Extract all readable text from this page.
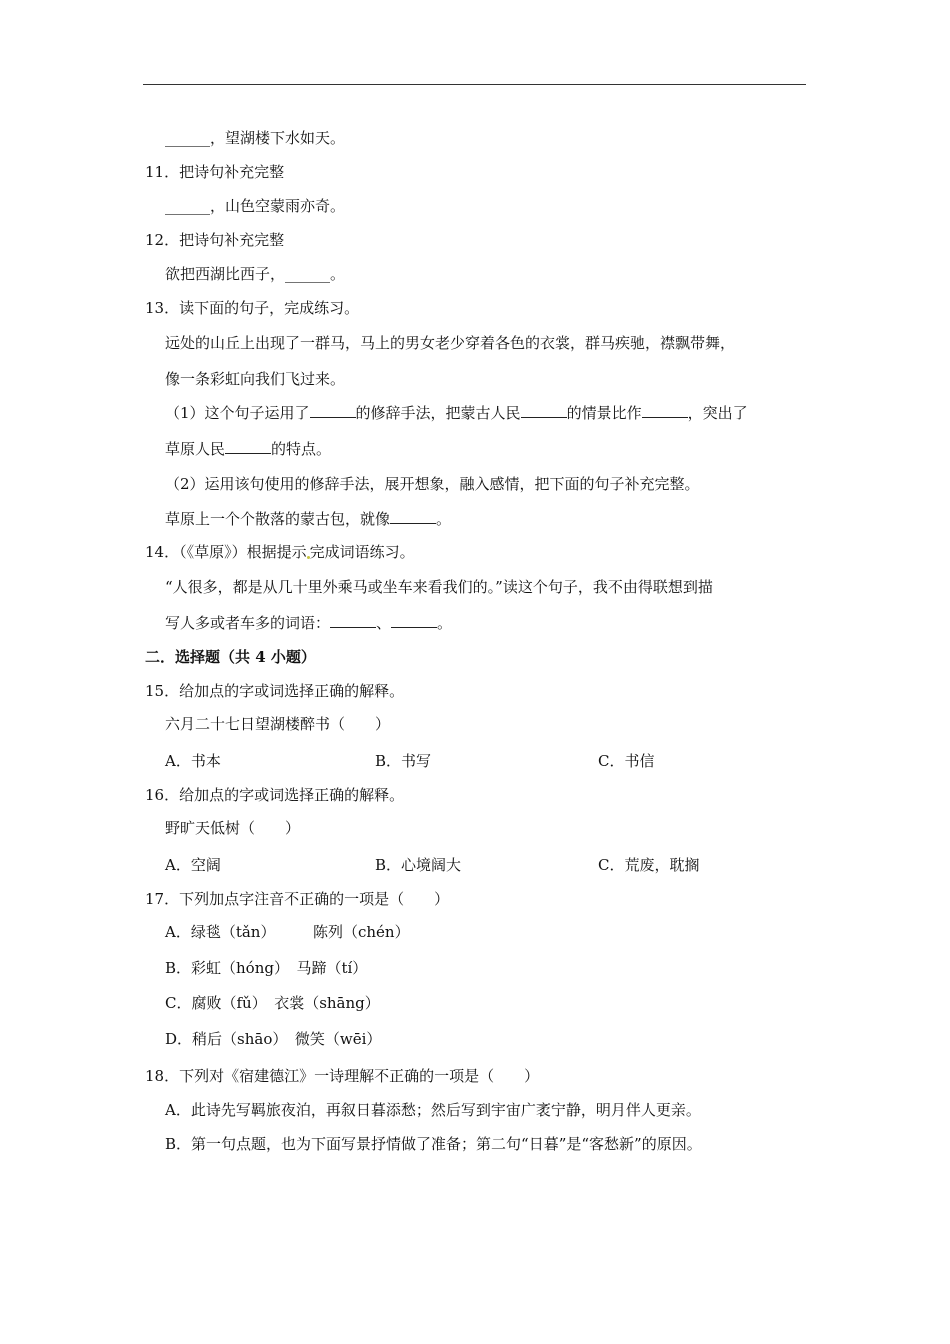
______，望湖楼下水如天。
11．把诗句补充完整
______，山色空蒙雨亦奇。
12．把诗句补充完整
欲把西湖比西子，______。
13．读下面的句子，完成练习。
远处的山丘上出现了一群马，马上的男女老少穿着各色的衣裳，群马疾驰，襟飘带舞，
像一条彩虹向我们飞过来。
（1）这个句子运用了	的修辞手法，把蒙古人民	的情景比作	，突出了
草原人民	的特点。
（2）运用该句使用的修辞手法，展开想象，融入感情，把下面的句子补充完整。
草原上一个个散落的蒙古包，就像	。
14．（《草原》）根据提示 完成词语练习。
“人很多，都是从几十里外乘马或坐车来看我们的。”读这个句子，我不由得联想到描
写人多或者车多的词语：	、	。
二．选择题（共 4 小题）
15．给加点的字或词选择正确的解释。
六月二十七日望湖楼醉书（　　）
A．书本	B．书写	C．书信
16．给加点的字或词选择正确的解释。
野旷天低树（　　）
A．空阔	B．心境阔大	C．荒废，耽搁
17．下列加点字注音不正确的一项是（　　）
A．绿毯（tǎn）　　　陈列（chén）
B．彩虹（hóng）　马蹄（tí）
C．腐败（fǔ）　衣裳（shāng）
D．稍后（shāo）　微笑（wēi）
18．下列对《宿建德江》一诗理解不正确的一项是（　　）
A．此诗先写羁旅夜泊，再叙日暮添愁；然后写到宇宙广袤宁静，明月伴人更亲。
B．第一句点题，也为下面写景抒情做了准备；第二句“日暮”是“客愁新”的原因。
